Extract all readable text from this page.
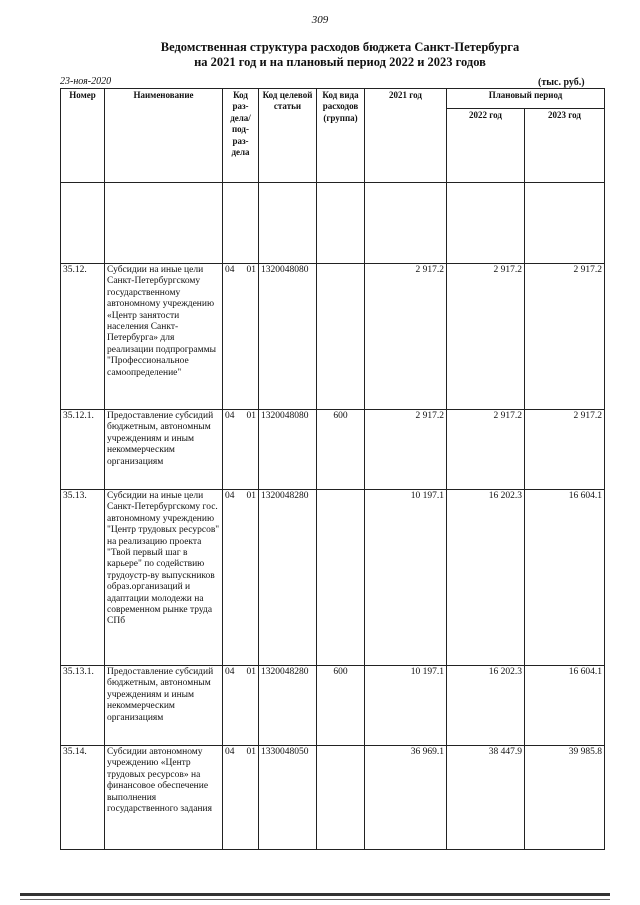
309
Ведомственная структура расходов бюджета Санкт-Петербурга
на 2021 год и на плановый период 2022 и 2023 годов
23-ноя-2020	(тыс. руб.)
Номер	Наименование	Код раз- дела/ под- раз- дела	Код целевой статьи	Код вида расходов (группа)	2021 год	Плановый период	
						2022 год	2023 год

35.12.	Субсидии на иные цели Санкт-Петербургскому государственному автономному учреждению «Центр занятости населения Санкт-Петербурга» для реализации подпрограммы "Профессиональное самоопределение"	04 01	1320048080		2 917.2	2 917.2	2 917.2
35.12.1.	Предоставление субсидий бюджетным, автономным учреждениям и иным некоммерческим организациям	04 01	1320048080	600	2 917.2	2 917.2	2 917.2
35.13.	Субсидии на иные цели Санкт-Петербургскому гос. автономному учреждению "Центр трудовых ресурсов" на реализацию проекта "Твой первый шаг в карьере" по содействию трудоустр-ву выпускников образ.организаций и адаптации молодежи на современном рынке труда СПб	04 01	1320048280		10 197.1	16 202.3	16 604.1
35.13.1.	Предоставление субсидий бюджетным, автономным учреждениям и иным некоммерческим организациям	04 01	1320048280	600	10 197.1	16 202.3	16 604.1
35.14.	Субсидии автономному учреждению «Центр трудовых ресурсов» на финансовое обеспечение выполнения государственного задания	04 01	1330048050		36 969.1	38 447.9	39 985.8
